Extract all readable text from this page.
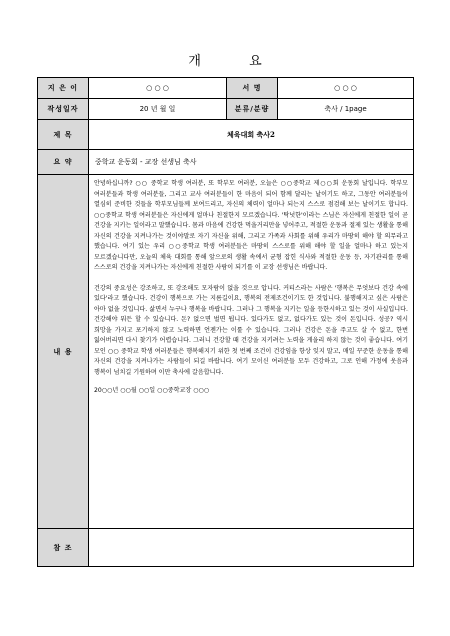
개 요
지 은 이	○ ○ ○	서 명	○ ○ ○
작성일자	20 년 월 일	분류/분량	축사 / 1page
제 목	체육대회 축사2		
요 약	중학교 운동회 - 교장 선생님 축사		
내 용	안녕하십니까? ○○ 중학교 학생 여러분, 또 학부모 여러분, 오늘은 ○○중학교 제○○회 운동회 날입니다. 학부모 여러분들과 학생 여러분들, 그리고 교사 여러분들이 한 마음이 되어 함께 달리는 날이기도 하고, 그동안 여러분들이 열심히 준비한 것들을 학부모님들께 보여드리고, 자신의 체력이 얼마나 되는지 스스로 점검해 보는 날이기도 합니다. ○○중학교 학생 여러분들은 자신에게 얼마나 친절한지 모르겠습니다. '탁넛한'이라는 스님은 자신에게 친절한 일이 곧 건강을 지키는 일이라고 말했습니다. 몸과 마음에 건강한 먹을거리만을 넣어주고, 적절한 운동과 절제 있는 생활을 통해 자신의 건강을 지켜나가는 것이야말로 자기 자신을 위해, 그리고 가족과 사회를 위해 우리가 마땅히 해야 할 의무라고 했습니다. 여기 있는 우리 ○○중학교 학생 여러분들은 마땅히 스스로를 위해 해야 할 일을 얼마나 하고 있는지 모르겠습니다만, 오늘의 체육 대회를 통해 앞으로의 생활 속에서 균형 잡힌 식사와 적절한 운동 등, 자기관리를 통해 스스로의 건강을 지켜나가는 자신에게 친절한 사람이 되기를 이 교장 선생님은 바랍니다.

건강의 중요성은 강조하고, 또 강조해도 모자람이 없을 것으로 압니다. 커티스라는 사람은 '행복은 무엇보다 건강 속에 있다'라고 했습니다. 건강이 행복으로 가는 지름길이요, 행복의 전제조건이기도 한 것입니다. 불행해지고 싶은 사람은 아마 없을 것입니다. 삶면서 누구나 행복을 바랍니다. 그러나 그 행복을 지키는 일을 등한시하고 있는 것이 사실입니다. 건강해야 뭐든 할 수 있습니다. 돈? 없으면 벌면 됩니다. 있다가도 없고, 없다가도 있는 것이 돈입니다. 성공? 역시 희망을 가지고 포기하지 않고 노력하면 언젠가는 이룰 수 있습니다. 그러나 건강은 돈을 주고도 살 수 없고, 한번 잃어버리면 다시 찾기가 어렵습니다. 그러니 건강할 때 건강을 지키려는 노력을 게을리 하지 않는 것이 좋습니다. 여기 모인 ○○ 중학교 학생 여러분들은 행복해지기 위한 첫 번째 조건이 건강임을 항상 잊지 말고, 매일 꾸준한 운동을 통해 자신의 건강을 지켜나가는 사람들이 되길 바랍니다. 여기 모이신 여러분들 모두 건강하고, 그로 인해 가정에 웃음과 행복이 넘치길 기원하며 이만 축사에 갈음합니다.

20○○년 ○○월 ○○일 ○○중학교장 ○○○		

참 조			
